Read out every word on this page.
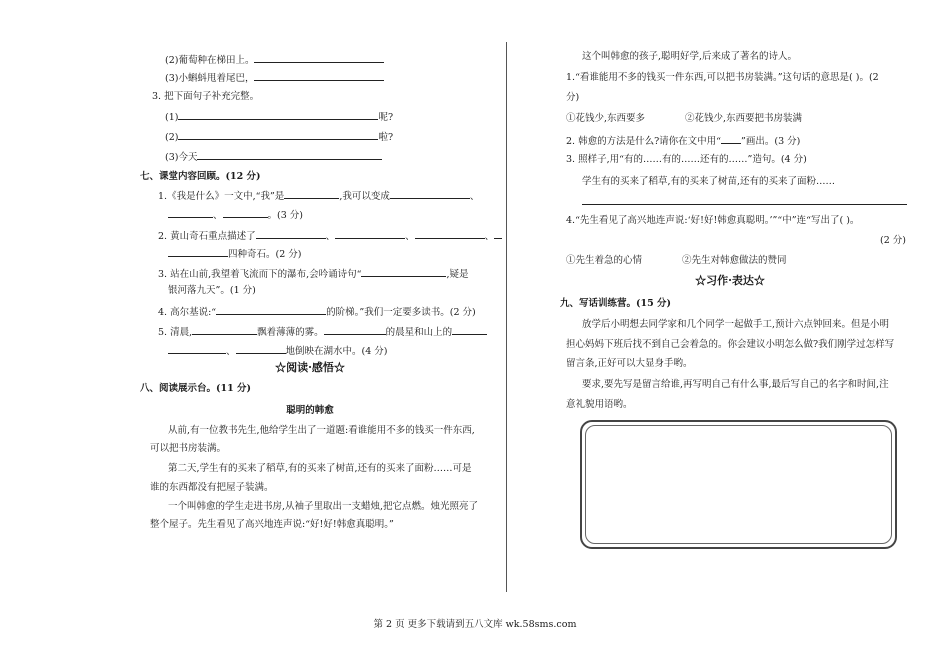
(2)葡萄种在梯田上。
(3)小蝌蚪甩着尾巴，
3. 把下面句子补充完整。
(1)	呢?
(2)	啦?
(3)今天
七、课堂内容回顾。(12 分)
1.《我是什么》一文中,“我”是	,我可以变成	、
、	。(3 分)
2. 黄山奇石重点描述了	、	、	、
四种奇石。(2 分)
3. 站在山前,我望着飞流而下的瀑布,会吟诵诗句“	,疑是
银河落九天”。(1 分)
4. 高尔基说:“	的阶梯。”我们一定要多读书。(2 分)
5. 清晨,	飘着薄薄的雾。	的晨星和山上的
、	地倒映在湖水中。(4 分)
☆阅读·感悟☆
八、阅读展示台。(11 分)
聪明的韩愈
从前,有一位教书先生,他给学生出了一道题:看谁能用不多的钱买一件东西,
可以把书房装满。
第二天,学生有的买来了稻草,有的买来了树苗,还有的买来了面粉……可是
谁的东西都没有把屋子装满。
一个叫韩愈的学生走进书房,从袖子里取出一支蜡烛,把它点燃。烛光照亮了
整个屋子。先生看见了高兴地连声说:“好!好!韩愈真聪明。”
这个叫韩愈的孩子,聪明好学,后来成了著名的诗人。
1.“看谁能用不多的钱买一件东西,可以把书房装满。”这句话的意思是( )。(2
分)
①花钱少,东西要多	②花钱少,东西要把书房装满
2. 韩愈的方法是什么?请你在文中用“ ”画出。(3 分)
3. 照样子,用“有的……有的……还有的……”造句。(4 分)
学生有的买来了稻草,有的买来了树苗,还有的买来了面粉……
4.“先生看见了高兴地连声说:‘好!好!韩愈真聪明。’”“中”连“写出了( )。
(2 分)
①先生着急的心情	②先生对韩愈做法的赞同
☆习作·表达☆
九、写话训练营。(15 分)
放学后小明想去同学家和几个同学一起做手工,预计六点钟回来。但是小明
担心妈妈下班后找不到自己会着急的。你会建议小明怎么做?我们刚学过怎样写
留言条,正好可以大显身手哟。
要求,要先写是留言给谁,再写明自己有什么事,最后写自己的名字和时间,注
意礼貌用语哟。
第 2 页 更多下载请到五八文库 wk.58sms.com
